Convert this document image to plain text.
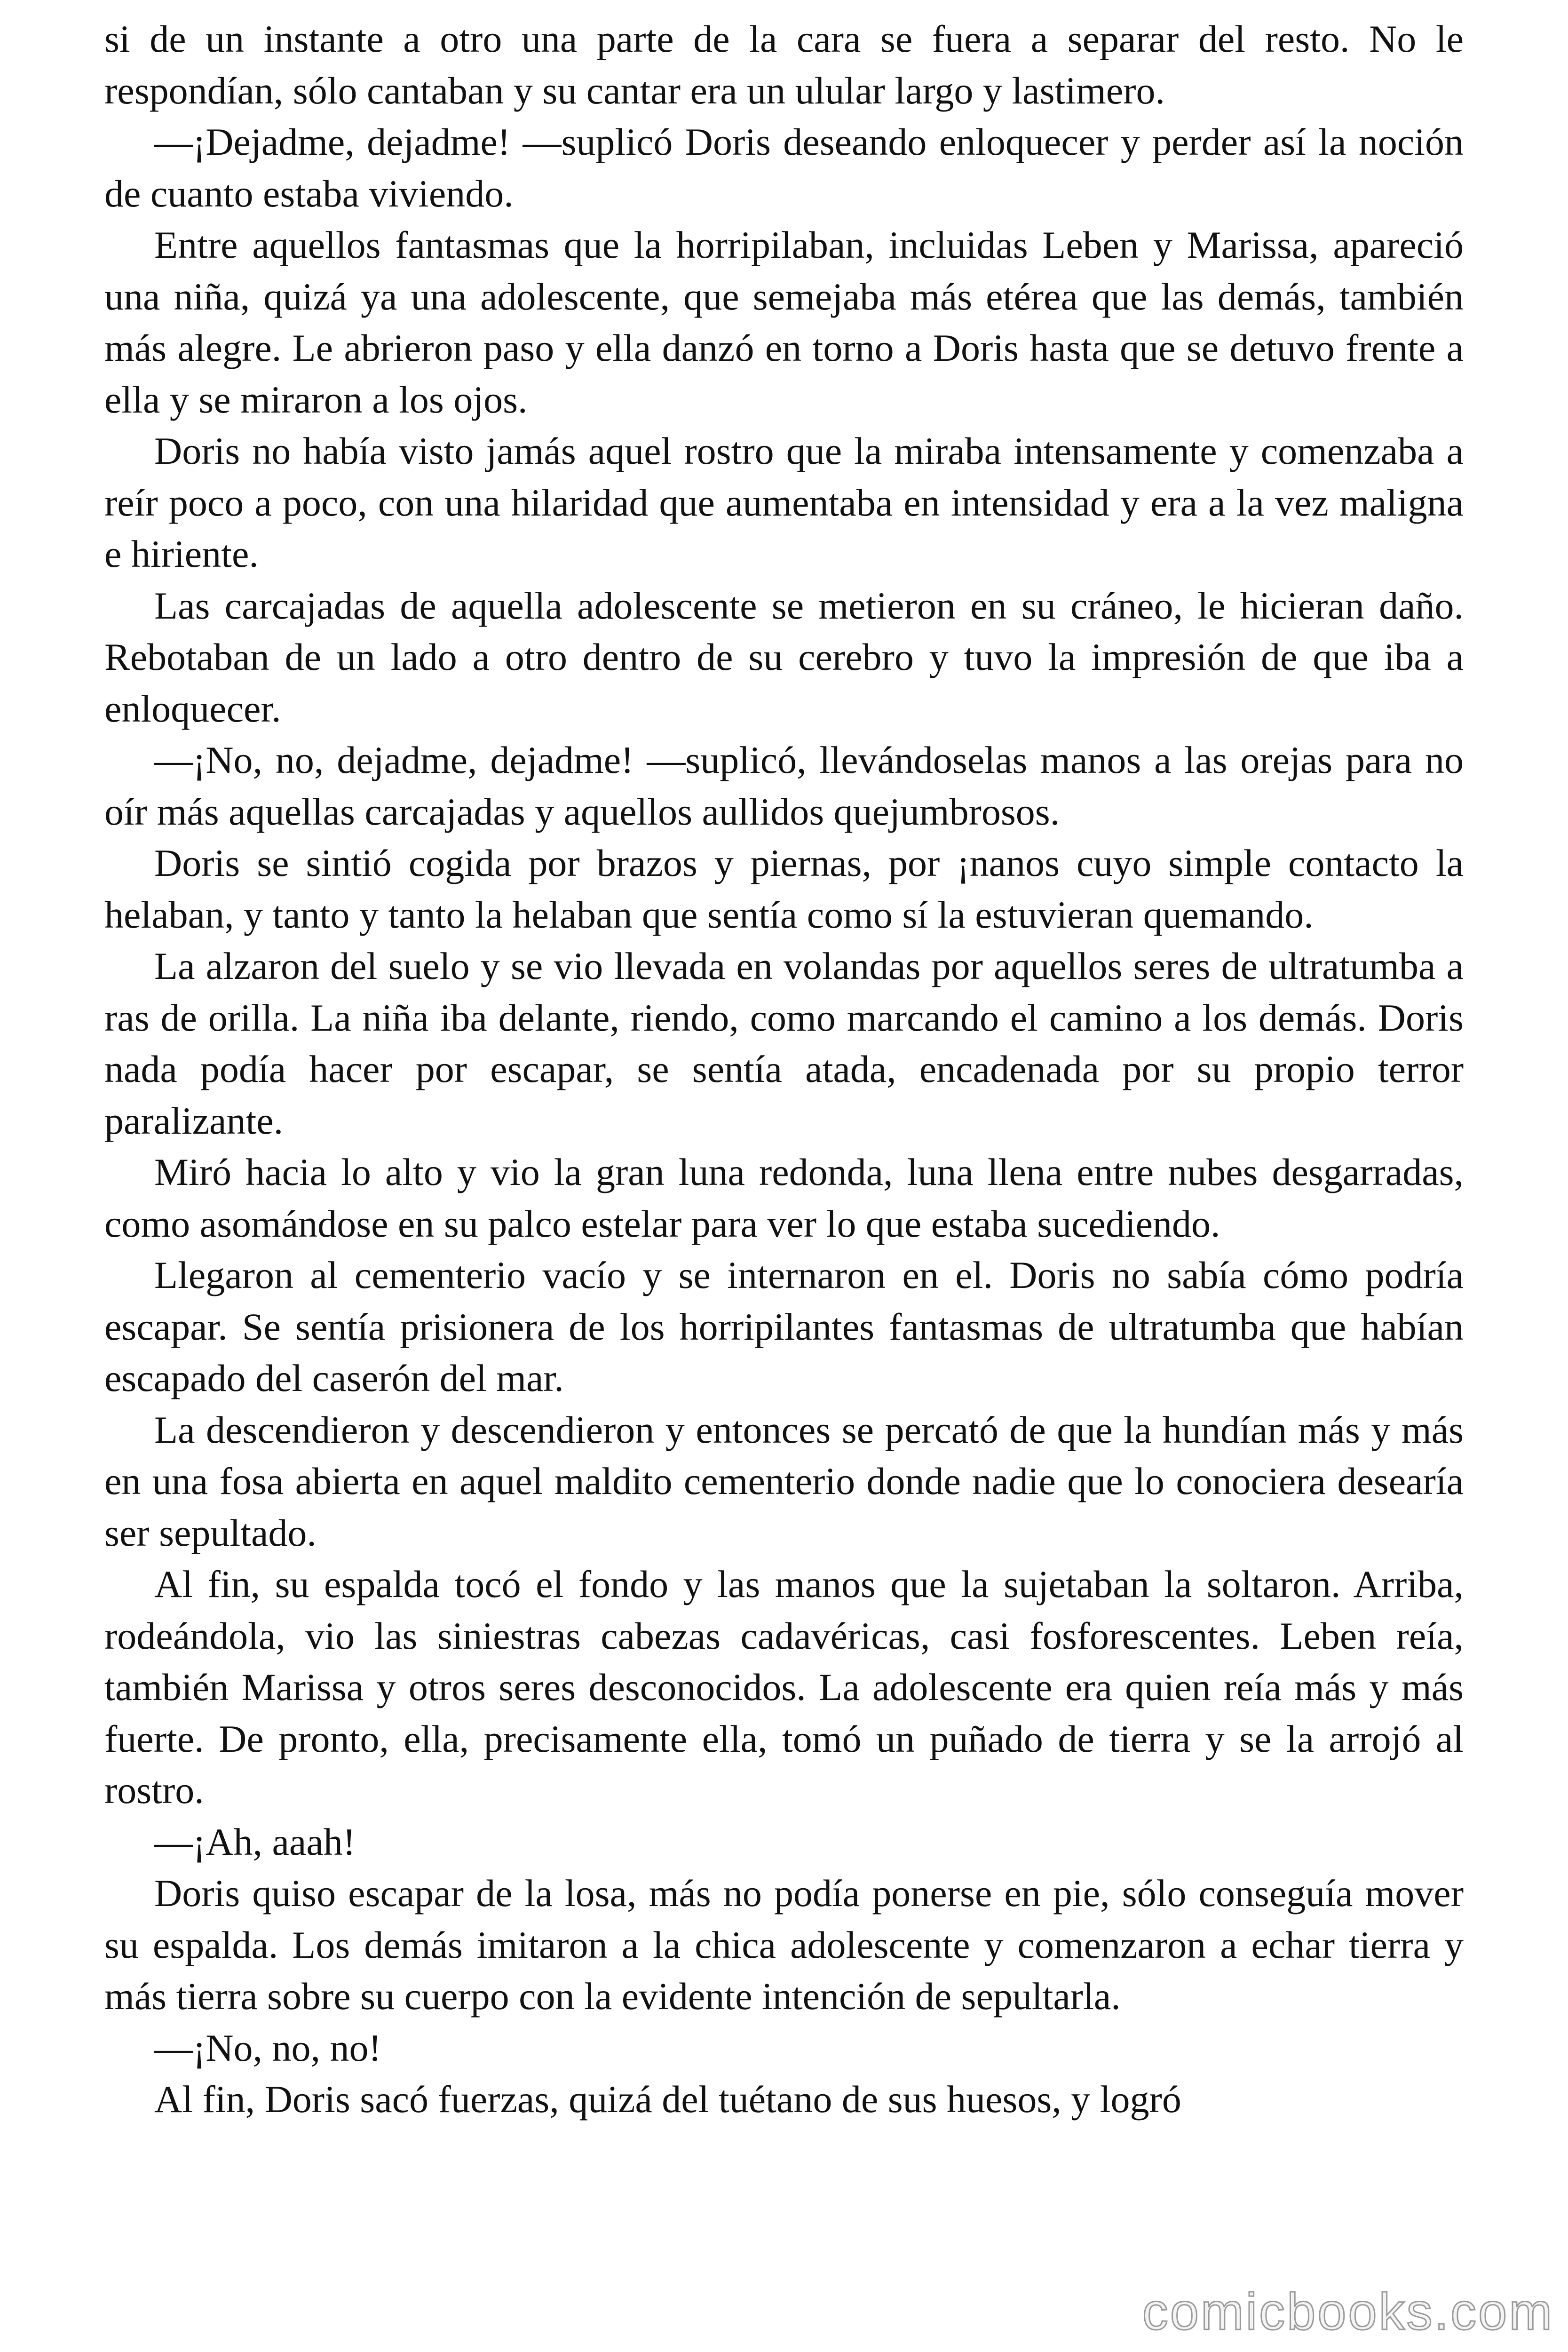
si de un instante a otro una parte de la cara se fuera a separar del resto. No le respondían, sólo cantaban y su cantar era un ulular largo y lastimero.

—¡Dejadme, dejadme! —suplicó Doris deseando enloquecer y perder así la noción de cuanto estaba viviendo.

Entre aquellos fantasmas que la horripilaban, incluidas Leben y Marissa, apareció una niña, quizá ya una adolescente, que semejaba más etérea que las demás, también más alegre. Le abrieron paso y ella danzó en torno a Doris hasta que se detuvo frente a ella y se miraron a los ojos.

Doris no había visto jamás aquel rostro que la miraba intensamente y comenzaba a reír poco a poco, con una hilaridad que aumentaba en intensidad y era a la vez maligna e hiriente.

Las carcajadas de aquella adolescente se metieron en su cráneo, le hicieran daño. Rebotaban de un lado a otro dentro de su cerebro y tuvo la impresión de que iba a enloquecer.

—¡No, no, dejadme, dejadme! —suplicó, llevándoselas manos a las orejas para no oír más aquellas carcajadas y aquellos aullidos quejumbrosos.

Doris se sintió cogida por brazos y piernas, por ¡nanos cuyo simple contacto la helaban, y tanto y tanto la helaban que sentía como sí la estuvieran quemando.

La alzaron del suelo y se vio llevada en volandas por aquellos seres de ultratumba a ras de orilla. La niña iba delante, riendo, como marcando el camino a los demás. Doris nada podía hacer por escapar, se sentía atada, encadenada por su propio terror paralizante.

Miró hacia lo alto y vio la gran luna redonda, luna llena entre nubes desgarradas, como asomándose en su palco estelar para ver lo que estaba sucediendo.

Llegaron al cementerio vacío y se internaron en el. Doris no sabía cómo podría escapar. Se sentía prisionera de los horripilantes fantasmas de ultratumba que habían escapado del caserón del mar.

La descendieron y descendieron y entonces se percató de que la hundían más y más en una fosa abierta en aquel maldito cementerio donde nadie que lo conociera desearía ser sepultado.

Al fin, su espalda tocó el fondo y las manos que la sujetaban la soltaron. Arriba, rodeándola, vio las siniestras cabezas cadavéricas, casi fosforescentes. Leben reía, también Marissa y otros seres desconocidos. La adolescente era quien reía más y más fuerte. De pronto, ella, precisamente ella, tomó un puñado de tierra y se la arrojó al rostro.

—¡Ah, aaah!

Doris quiso escapar de la losa, más no podía ponerse en pie, sólo conseguía mover su espalda. Los demás imitaron a la chica adolescente y comenzaron a echar tierra y más tierra sobre su cuerpo con la evidente intención de sepultarla.

—¡No, no, no!

Al fin, Doris sacó fuerzas, quizá del tuétano de sus huesos, y logró

comicbooks.com
